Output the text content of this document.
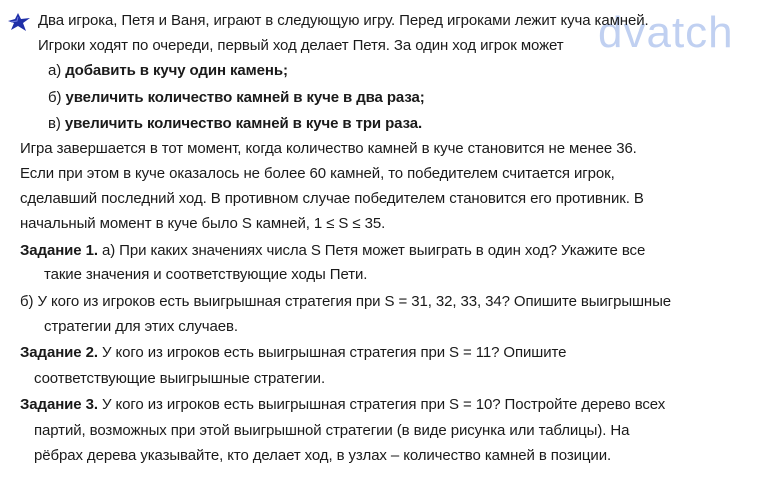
dvatch
Два игрока, Петя и Ваня, играют в следующую игру. Перед игроками лежит куча камней.
Игроки ходят по очереди, первый ход делает Петя. За один ход игрок может
а) добавить в кучу один камень;
б) увеличить количество камней в куче в два раза;
в) увеличить количество камней в куче в три раза.
Игра завершается в тот момент, когда количество камней в куче становится не менее 36.
Если при этом в куче оказалось не более 60 камней, то победителем считается игрок,
сделавший последний ход. В противном случае победителем становится его противник. В
начальный момент в куче было S камней, 1 ≤ S ≤ 35.
Задание 1. а) При каких значениях числа S Петя может выиграть в один ход? Укажите все
такие значения и соответствующие ходы Пети.
б) У кого из игроков есть выигрышная стратегия при S = 31, 32, 33, 34? Опишите выигрышные
стратегии для этих случаев.
Задание 2. У кого из игроков есть выигрышная стратегия при S = 11? Опишите
соответствующие выигрышные стратегии.
Задание 3. У кого из игроков есть выигрышная стратегия при S = 10? Постройте дерево всех
партий, возможных при этой выигрышной стратегии (в виде рисунка или таблицы). На
рёбрах дерева указывайте, кто делает ход, в узлах – количество камней в позиции.
